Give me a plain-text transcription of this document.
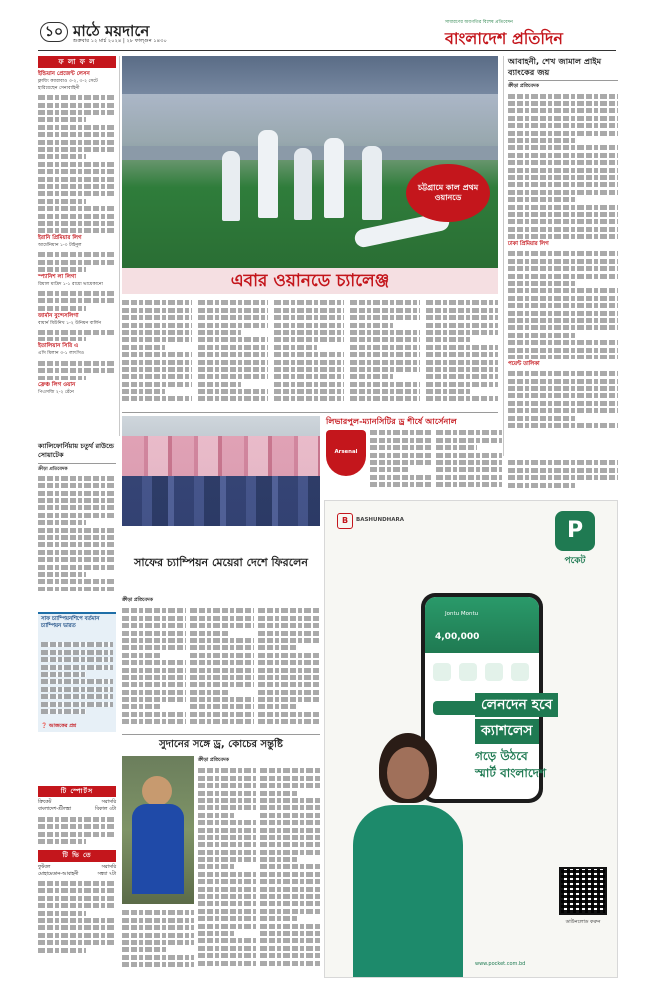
১০ মাঠে ময়দানে
শুক্রবার ১২ মার্চ ২০২৪ | ২৮ ফাল্গুন ১৪৩০
সাধারণের অবগতির বিশেষ প্রতিবেদন
বাংলাদেশ প্রতিদিন
ফ লা ফ ল
ইন্ডিয়ান প্রেজেন্ট লেসন
ফ্লায়িং ক্যারাবাও ৩-২, ৩-২ সেটে হারিয়েছেন সেনাবাহিনী
ইরানি প্রিমিয়ার লিগ
আর্মেনিয়ান ১-০ টাইনুল
স্প্যানিশ লা লিগা
রিয়াল মাদ্রিদ ১-১ রায়ো ভায়েকানো
জার্মান বুন্দেসলিগা
বায়ার্ন মিউনিখ ১-২ উনিয়ন বার্লিন
ইতালিয়ান সিরি এ
এসি মিলান ৩-১ লাৎসিও
ফ্রেঞ্চ লিগ ওয়ান
পিএসজি ২-২ রেঁনে
ক্যালিফোর্নিয়ায় চতুর্থ রাউন্ডে সোয়াটেক
ক্রীড়া প্রতিবেদক
সাফ চ্যাম্পিয়নশিপে বর্তমান চ্যাম্পিয়ন ভারত
❓ আজকের প্রশ্ন
টি স্পোর্টস
ক্রিকেট	সরাসরি
বাংলাদেশ-শ্রীলঙ্কা	বিকাল ৩টা
টি ভি তে
ফুটবল	সরাসরি
মোহামেডান-আবাহনী	সন্ধ্যা ৭টা
চট্টগ্রামে কাল প্রথম ওয়ানডে
এবার ওয়ানডে চ্যালেঞ্জ
আবাহনী, শেখ জামাল প্রাইম ব্যাংকের জয়
ক্রীড়া প্রতিবেদক
ঢাকা প্রিমিয়ার লিগ
পয়েন্ট তালিকা
সাফের চ্যাম্পিয়ন মেয়েরা দেশে ফিরলেন
ক্রীড়া প্রতিবেদক
সুদানের সঙ্গে ড্র, কোচের সন্তুষ্টি
ক্রীড়া প্রতিবেদক
লিভারপুল-ম্যানসিটির ড্র শীর্ষে আর্সেনাল
Arsenal
B	BASHUNDHARA	P
পকেট
Jontu Montu
4,00,000
লেনদেন হবে ক্যাশলেস
গড়ে উঠবে
স্মার্ট বাংলাদেশ
ডাউনলোড করুন
www.pocket.com.bd
